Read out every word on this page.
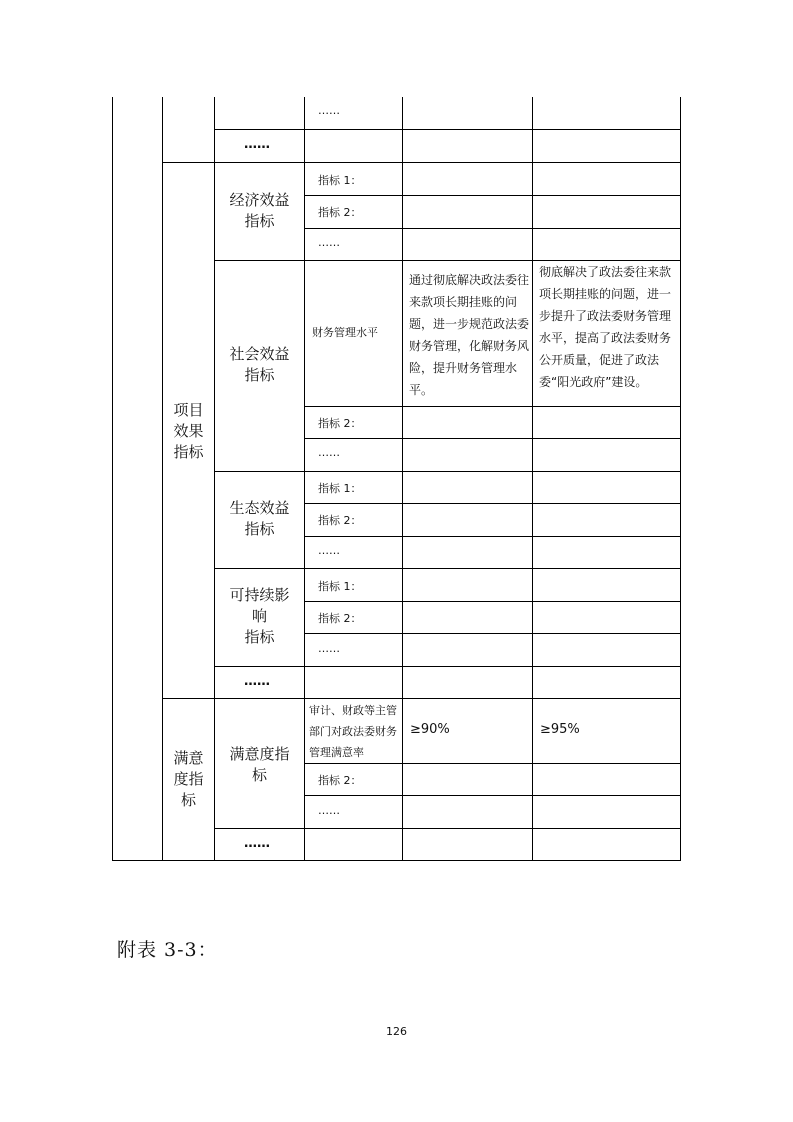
……
……
项目效果指标
经济效益指标
指标 1：
指标 2：
……
社会效益指标
财务管理水平
通过彻底解决政法委往来款项长期挂账的问题，进一步规范政法委财务管理，化解财务风险，提升财务管理水平。
彻底解决了政法委往来款项长期挂账的问题，进一步提升了政法委财务管理水平，提高了政法委财务公开质量，促进了政法委“阳光政府”建设。
指标 2：
……
生态效益指标
指标 1：
指标 2：
……
可持续影
响
指标
指标 1：
指标 2：
……
……
满意度指标
满意度指标
审计、财政等主管部门对政法委财务管理满意率
≥90%	≥95%
指标 2：
……
……
附表 3-3：
126
